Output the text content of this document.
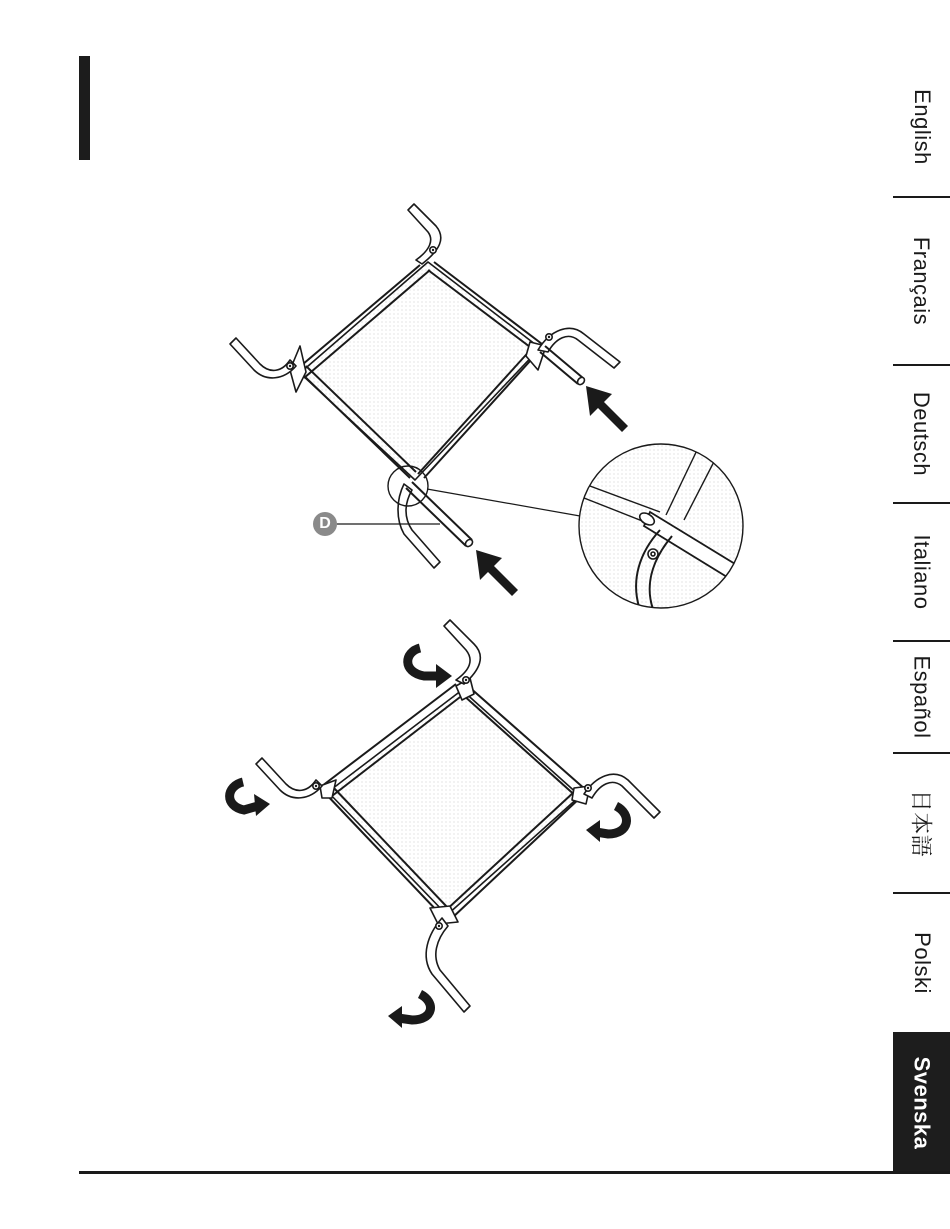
D
English
Français
Deutsch
Italiano
Español
日本語
Polski
Svenska
